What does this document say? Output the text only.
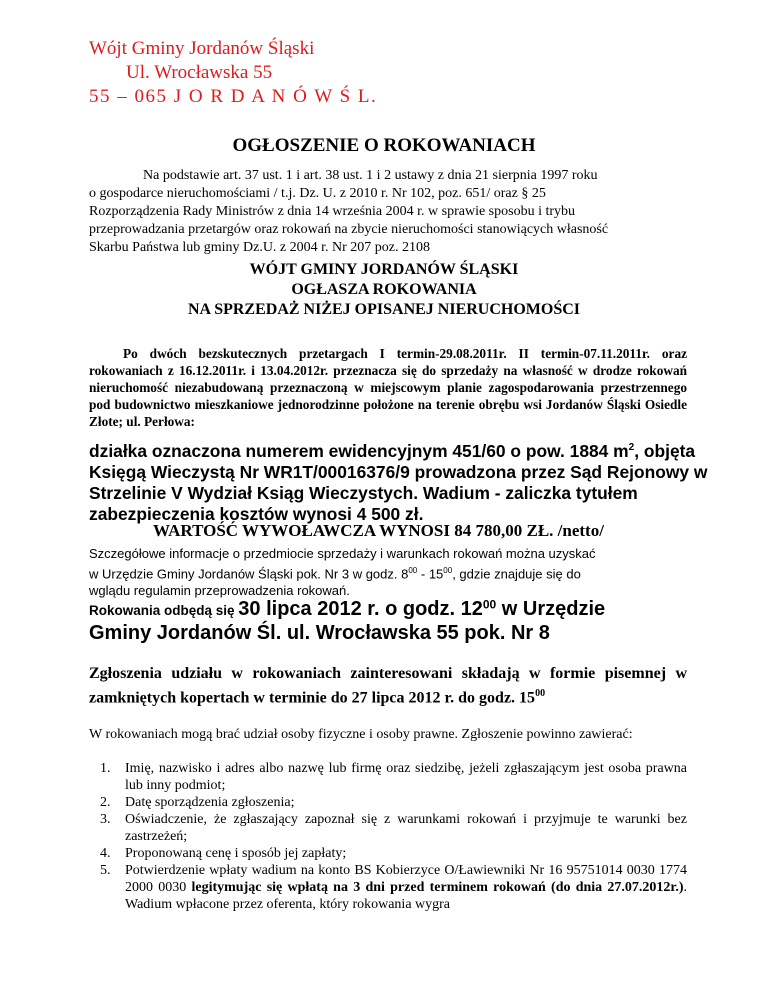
Wójt Gminy Jordanów Śląski
Ul. Wrocławska 55
55 – 065 J O R D A N Ó W Ś L.
OGŁOSZENIE O ROKOWANIACH
Na podstawie art. 37 ust. 1 i art. 38 ust. 1 i 2 ustawy z dnia 21 sierpnia 1997 roku
o gospodarce nieruchomościami / t.j. Dz. U. z 2010 r. Nr 102, poz. 651/ oraz § 25
Rozporządzenia Rady Ministrów z dnia 14 września 2004 r. w sprawie sposobu i trybu
przeprowadzania przetargów oraz rokowań na zbycie nieruchomości stanowiących własność
Skarbu Państwa lub gminy Dz.U. z 2004 r. Nr 207 poz. 2108
WÓJT GMINY JORDANÓW ŚLĄSKI
OGŁASZA ROKOWANIA
NA SPRZEDAŻ NIŻEJ OPISANEJ NIERUCHOMOŚCI
Po dwóch bezskutecznych przetargach I termin-29.08.2011r. II termin-07.11.2011r. oraz rokowaniach z 16.12.2011r. i 13.04.2012r. przeznacza się do sprzedaży na własność w drodze rokowań nieruchomość niezabudowaną przeznaczoną w miejscowym planie zagospodarowania przestrzennego pod budownictwo mieszkaniowe jednorodzinne położone na terenie obrębu wsi Jordanów Śląski Osiedle Złote; ul. Perłowa:
działka oznaczona numerem ewidencyjnym 451/60 o pow. 1884 $m^2$, objęta Księgą Wieczystą Nr WR1T/00016376/9 prowadzona przez Sąd Rejonowy w Strzelinie V Wydział Ksiąg Wieczystych. Wadium - zaliczka tytułem zabezpieczenia kosztów wynosi 4 500 zł.
WARTOŚĆ WYWOŁAWCZA WYNOSI 84 780,00 ZŁ. /netto/
Szczegółowe informacje o przedmiocie sprzedaży i warunkach rokowań można uzyskać
w Urzędzie Gminy Jordanów Śląski pok. Nr 3 w godz. $8^{00} - 15^{00}$, gdzie znajduje się do
wglądu regulamin przeprowadzenia rokowań.
Rokowania odbędą się 30 lipca 2012 r. o godz. $12^{00}$ w Urzędzie
Gminy Jordanów Śl. ul. Wrocławska 55 pok. Nr 8
Zgłoszenia udziału w rokowaniach zainteresowani składają w formie pisemnej w zamkniętych kopertach w terminie do 27 lipca 2012 r. do godz. $15^{00}$
W rokowaniach mogą brać udział osoby fizyczne i osoby prawne. Zgłoszenie powinno zawierać:
1. Imię, nazwisko i adres albo nazwę lub firmę oraz siedzibę, jeżeli zgłaszającym jest osoba prawna lub inny podmiot;
2. Datę sporządzenia zgłoszenia;
3. Oświadczenie, że zgłaszający zapoznał się z warunkami rokowań i przyjmuje te warunki bez zastrzeżeń;
4. Proponowaną cenę i sposób jej zapłaty;
5. Potwierdzenie wpłaty wadium na konto BS Kobierzyce O/Ławiewniki Nr 16 95751014 0030 1774 2000 0030 legitymując się wpłatą na 3 dni przed terminem rokowań (do dnia 27.07.2012r.). Wadium wpłacone przez oferenta, który rokowania wygra
